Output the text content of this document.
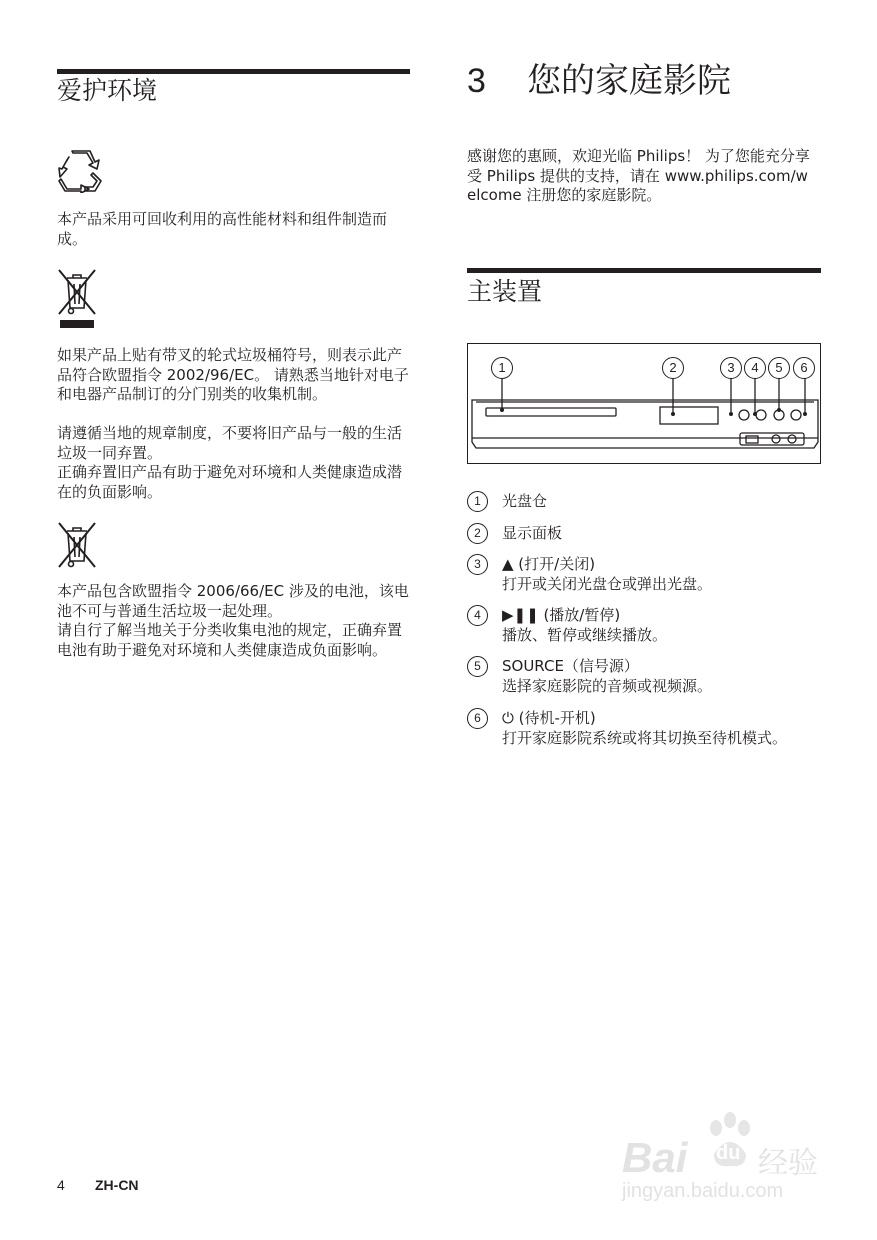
爱护环境

本产品采用可回收利用的高性能材料和组件制造而成。

如果产品上贴有带叉的轮式垃圾桶符号，则表示此产品符合欧盟指令 2002/96/EC。 请熟悉当地针对电子和电器产品制订的分门别类的收集机制。

请遵循当地的规章制度，不要将旧产品与一般的生活垃圾一同弃置。

正确弃置旧产品有助于避免对环境和人类健康造成潜在的负面影响。

本产品包含欧盟指令 2006/66/EC 涉及的电池，该电池不可与普通生活垃圾一起处理。

请自行了解当地关于分类收集电池的规定，正确弃置电池有助于避免对环境和人类健康造成负面影响。

3 您的家庭影院

感谢您的惠顾，欢迎光临 Philips！ 为了您能充分享受 Philips 提供的支持，请在 www.philips.com/welcome 注册您的家庭影院。

主装置
1	2	3	4	5	6
1	光盘仓
2	显示面板
3	▲ (打开/关闭)
打开或关闭光盘仓或弹出光盘。
4	▶❚❚ (播放/暂停)
播放、暂停或继续播放。
5	SOURCE（信号源）
选择家庭影院的音频或视频源。
6	⏻ (待机-开机)
打开家庭影院系统或将其切换至待机模式。
4 ZH-CN
Bai du 经验
jingyan.baidu.com
